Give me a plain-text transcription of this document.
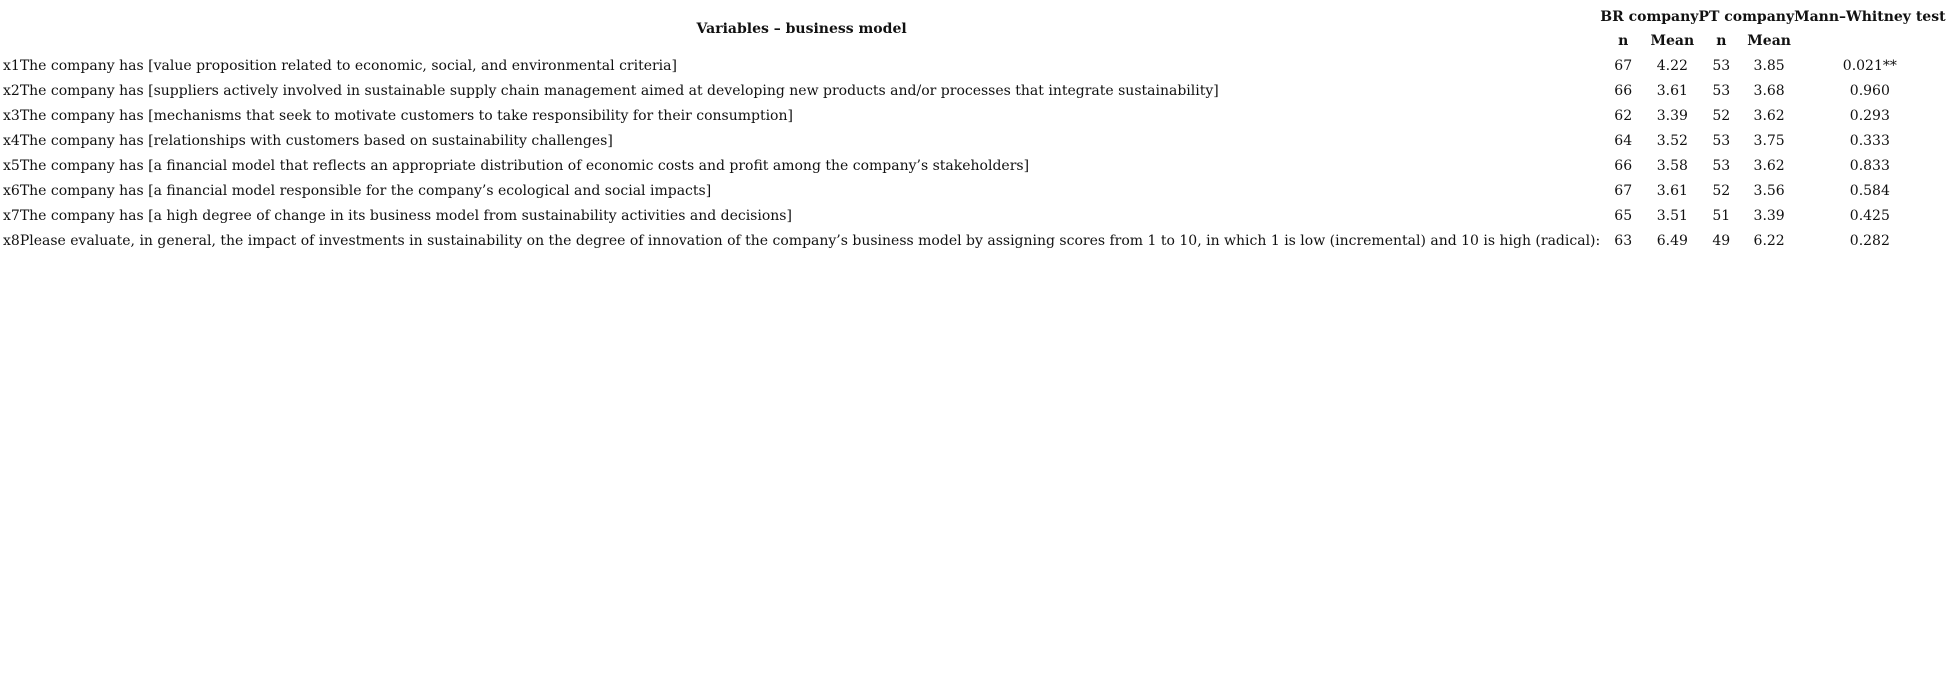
Variables – business model		BR company		PT company		Mann–Whitney test
		n	Mean	n	Mean	
x1	The company has [value proposition related to economic, social, and environmental criteria]	67	4.22	53	3.85	0.021**
x2	The company has [suppliers actively involved in sustainable supply chain management aimed at developing new products and/or processes that integrate sustainability]	66	3.61	53	3.68	0.960
x3	The company has [mechanisms that seek to motivate customers to take responsibility for their consumption]	62	3.39	52	3.62	0.293
x4	The company has [relationships with customers based on sustainability challenges]	64	3.52	53	3.75	0.333
x5	The company has [a financial model that reflects an appropriate distribution of economic costs and profit among the company’s stakeholders]	66	3.58	53	3.62	0.833
x6	The company has [a financial model responsible for the company’s ecological and social impacts]	67	3.61	52	3.56	0.584
x7	The company has [a high degree of change in its business model from sustainability activities and decisions]	65	3.51	51	3.39	0.425
x8	Please evaluate, in general, the impact of investments in sustainability on the degree of innovation of the company’s business model by assigning scores from 1 to 10, in which 1 is low (incremental) and 10 is high (radical):	63	6.49	49	6.22	0.282
